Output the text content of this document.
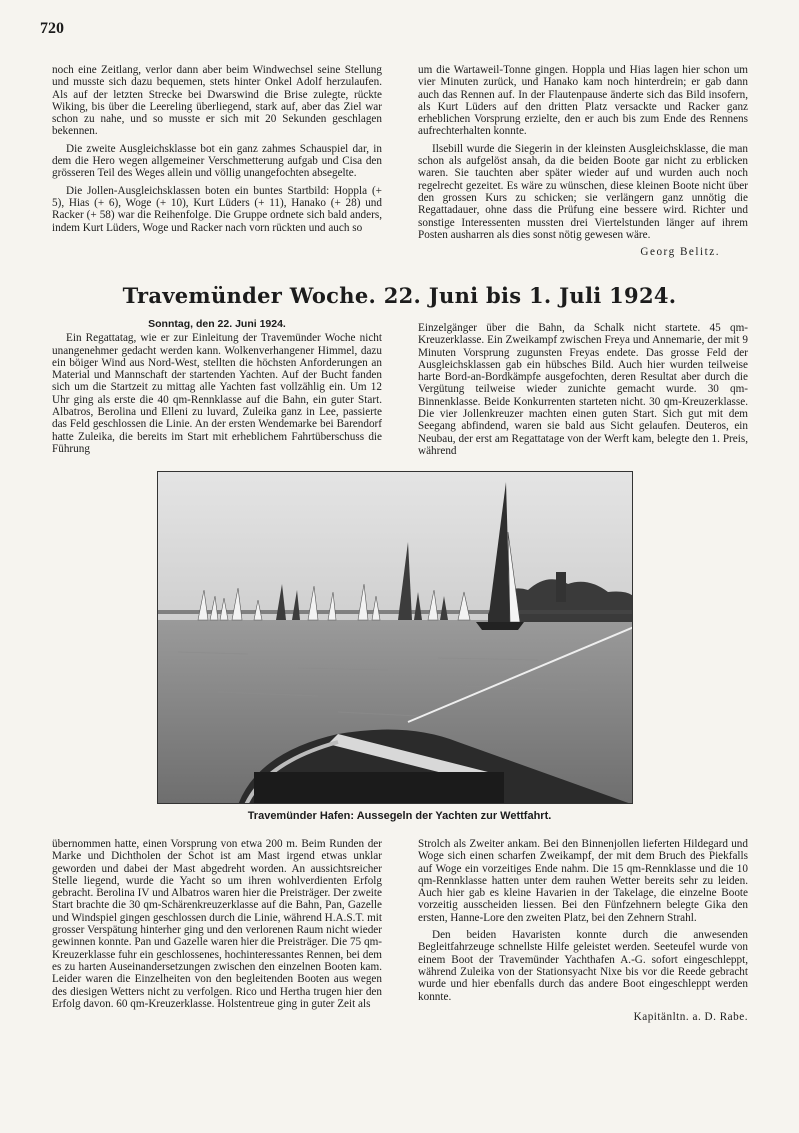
720

noch eine Zeitlang, verlor dann aber beim Windwechsel seine Stellung und musste sich dazu bequemen, stets hinter Onkel Adolf herzulaufen. Als auf der letzten Strecke bei Dwarswind die Brise zulegte, rückte Wiking, bis über die Leereling überliegend, stark auf, aber das Ziel war schon zu nahe, und so musste er sich mit 20 Sekunden geschlagen bekennen.

Die zweite Ausgleichsklasse bot ein ganz zahmes Schauspiel dar, in dem die Hero wegen allgemeiner Verschmetterung aufgab und Cisa den grösseren Teil des Weges allein und völlig unangefochten absegelte.

Die Jollen-Ausgleichsklassen boten ein buntes Startbild: Hoppla (+ 5), Hias (+ 6), Woge (+ 10), Kurt Lüders (+ 11), Hanako (+ 28) und Racker (+ 58) war die Reihenfolge. Die Gruppe ordnete sich bald anders, indem Kurt Lüders, Woge und Racker nach vorn rückten und auch so

um die Wartaweil-Tonne gingen. Hoppla und Hias lagen hier schon um vier Minuten zurück, und Hanako kam noch hinterdrein; er gab dann auch das Rennen auf. In der Flautenpause änderte sich das Bild insofern, als Kurt Lüders auf den dritten Platz versackte und Racker ganz erheblichen Vorsprung erzielte, den er auch bis zum Ende des Rennens aufrechterhalten konnte.

Ilsebill wurde die Siegerin in der kleinsten Ausgleichsklasse, die man schon als aufgelöst ansah, da die beiden Boote gar nicht zu erblicken waren. Sie tauchten aber später wieder auf und wurden auch noch regelrecht gezeitet. Es wäre zu wünschen, diese kleinen Boote nicht über den grossen Kurs zu schicken; sie verlängern ganz unnötig die Regattadauer, ohne dass die Prüfung eine bessere wird. Richter und sonstige Interessenten mussten drei Viertelstunden länger auf ihrem Posten ausharren als dies sonst nötig gewesen wäre.

Georg Belitz.
Travemünder Woche. 22. Juni bis 1. Juli 1924.
Sonntag, den 22. Juni 1924.

Ein Regattatag, wie er zur Einleitung der Travemünder Woche nicht unangenehmer gedacht werden kann. Wolkenverhangener Himmel, dazu ein böiger Wind aus Nord-West, stellten die höchsten Anforderungen an Material und Mannschaft der startenden Yachten. Auf der Bucht fanden sich um die Startzeit zu mittag alle Yachten fast vollzählig ein. Um 12 Uhr ging als erste die 40 qm-Rennklasse auf die Bahn, ein guter Start. Albatros, Berolina und Elleni zu luvard, Zuleika ganz in Lee, passierte das Feld geschlossen die Linie. An der ersten Wendemarke bei Barendorf hatte Zuleika, die bereits im Start mit erheblichem Fahrtüberschuss die Führung

Einzelgänger über die Bahn, da Schalk nicht startete. 45 qm-Kreuzerklasse. Ein Zweikampf zwischen Freya und Annemarie, der mit 9 Minuten Vorsprung zugunsten Freyas endete. Das grosse Feld der Ausgleichsklassen gab ein hübsches Bild. Auch hier wurden teilweise harte Bord-an-Bordkämpfe ausgefochten, deren Resultat aber durch die Vergütung teilweise wieder zunichte gemacht wurde. 30 qm-Binnenklasse. Beide Konkurrenten starteten nicht. 30 qm-Kreuzerklasse. Die vier Jollenkreuzer machten einen guten Start. Sich gut mit dem Seegang abfindend, waren sie bald aus Sicht gelaufen. Deuteros, ein Neubau, der erst am Regattatage von der Werft kam, belegte den 1. Preis, während

Travemünder Hafen: Aussegeln der Yachten zur Wettfahrt.

übernommen hatte, einen Vorsprung von etwa 200 m. Beim Runden der Marke und Dichtholen der Schot ist am Mast irgend etwas unklar geworden und dabei der Mast abgedreht worden. An aussichtsreicher Stelle liegend, wurde die Yacht so um ihren wohlverdienten Erfolg gebracht. Berolina IV und Albatros waren hier die Preisträger. Der zweite Start brachte die 30 qm-Schärenkreuzerklasse auf die Bahn, Pan, Gazelle und Windspiel gingen geschlossen durch die Linie, während H.A.S.T. mit grosser Verspätung hinterher ging und den verlorenen Raum nicht wieder gewinnen konnte. Pan und Gazelle waren hier die Preisträger. Die 75 qm-Kreuzerklasse fuhr ein geschlossenes, hochinteressantes Rennen, bei dem es zu harten Auseinandersetzungen zwischen den einzelnen Booten kam. Leider waren die Einzelheiten von den begleitenden Booten aus wegen des diesigen Wetters nicht zu verfolgen. Rico und Hertha trugen hier den Erfolg davon. 60 qm-Kreuzerklasse. Holstentreue ging in guter Zeit als

Strolch als Zweiter ankam. Bei den Binnenjollen lieferten Hildegard und Woge sich einen scharfen Zweikampf, der mit dem Bruch des Piekfalls auf Woge ein vorzeitiges Ende nahm. Die 15 qm-Rennklasse und die 10 qm-Rennklasse hatten unter dem rauhen Wetter bereits sehr zu leiden. Auch hier gab es kleine Havarien in der Takelage, die einzelne Boote vorzeitig ausscheiden liessen. Bei den Fünfzehnern belegte Gika den ersten, Hanne-Lore den zweiten Platz, bei den Zehnern Strahl.

Den beiden Havaristen konnte durch die anwesenden Begleitfahrzeuge schnellste Hilfe geleistet werden. Seeteufel wurde von einem Boot der Travemünder Yachthafen A.-G. sofort eingeschleppt, während Zuleika von der Stationsyacht Nixe bis vor die Reede gebracht wurde und hier ebenfalls durch das andere Boot eingeschleppt werden konnte.

Kapitänltn. a. D. Rabe.
